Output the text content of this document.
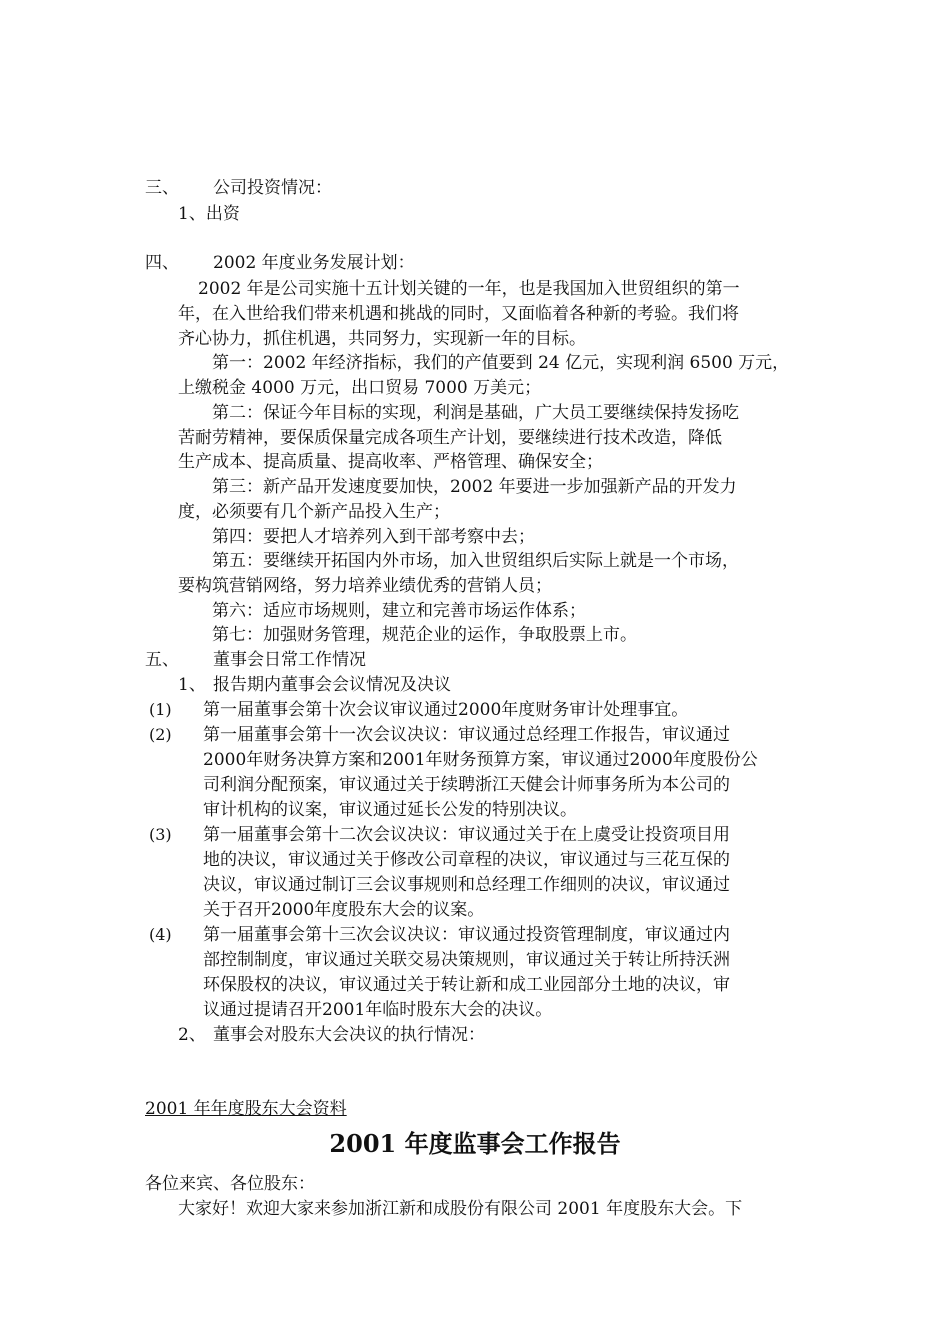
三、 公司投资情况：
1、出资
四、 2002 年度业务发展计划：
2002 年是公司实施十五计划关键的一年，也是我国加入世贸组织的第一
年，在入世给我们带来机遇和挑战的同时，又面临着各种新的考验。我们将
齐心协力，抓住机遇，共同努力，实现新一年的目标。
第一：2002 年经济指标，我们的产值要到 24 亿元，实现利润 6500 万元，
上缴税金 4000 万元，出口贸易 7000 万美元；
第二：保证今年目标的实现，利润是基础，广大员工要继续保持发扬吃
苦耐劳精神，要保质保量完成各项生产计划，要继续进行技术改造，降低
生产成本、提高质量、提高收率、严格管理、确保安全；
第三：新产品开发速度要加快，2002 年要进一步加强新产品的开发力
度，必须要有几个新产品投入生产；
第四：要把人才培养列入到干部考察中去；
第五：要继续开拓国内外市场，加入世贸组织后实际上就是一个市场，
要构筑营销网络，努力培养业绩优秀的营销人员；
第六：适应市场规则，建立和完善市场运作体系；
第七：加强财务管理，规范企业的运作，争取股票上市。
五、 董事会日常工作情况
1、 报告期内董事会会议情况及决议
(1) 第一届董事会第十次会议审议通过2000年度财务审计处理事宜。
(2) 第一届董事会第十一次会议决议：审议通过总经理工作报告，审议通过
2000年财务决算方案和2001年财务预算方案，审议通过2000年度股份公
司利润分配预案，审议通过关于续聘浙江天健会计师事务所为本公司的
审计机构的议案，审议通过延长公发的特别决议。
(3) 第一届董事会第十二次会议决议：审议通过关于在上虞受让投资项目用
地的决议，审议通过关于修改公司章程的决议，审议通过与三花互保的
决议，审议通过制订三会议事规则和总经理工作细则的决议，审议通过
关于召开2000年度股东大会的议案。
(4) 第一届董事会第十三次会议决议：审议通过投资管理制度，审议通过内
部控制制度，审议通过关联交易决策规则，审议通过关于转让所持沃洲
环保股权的决议，审议通过关于转让新和成工业园部分土地的决议，审
议通过提请召开2001年临时股东大会的决议。
2、 董事会对股东大会决议的执行情况：
2001 年年度股东大会资料
2001 年度监事会工作报告
各位来宾、各位股东：
大家好！欢迎大家来参加浙江新和成股份有限公司 2001 年度股东大会。下
